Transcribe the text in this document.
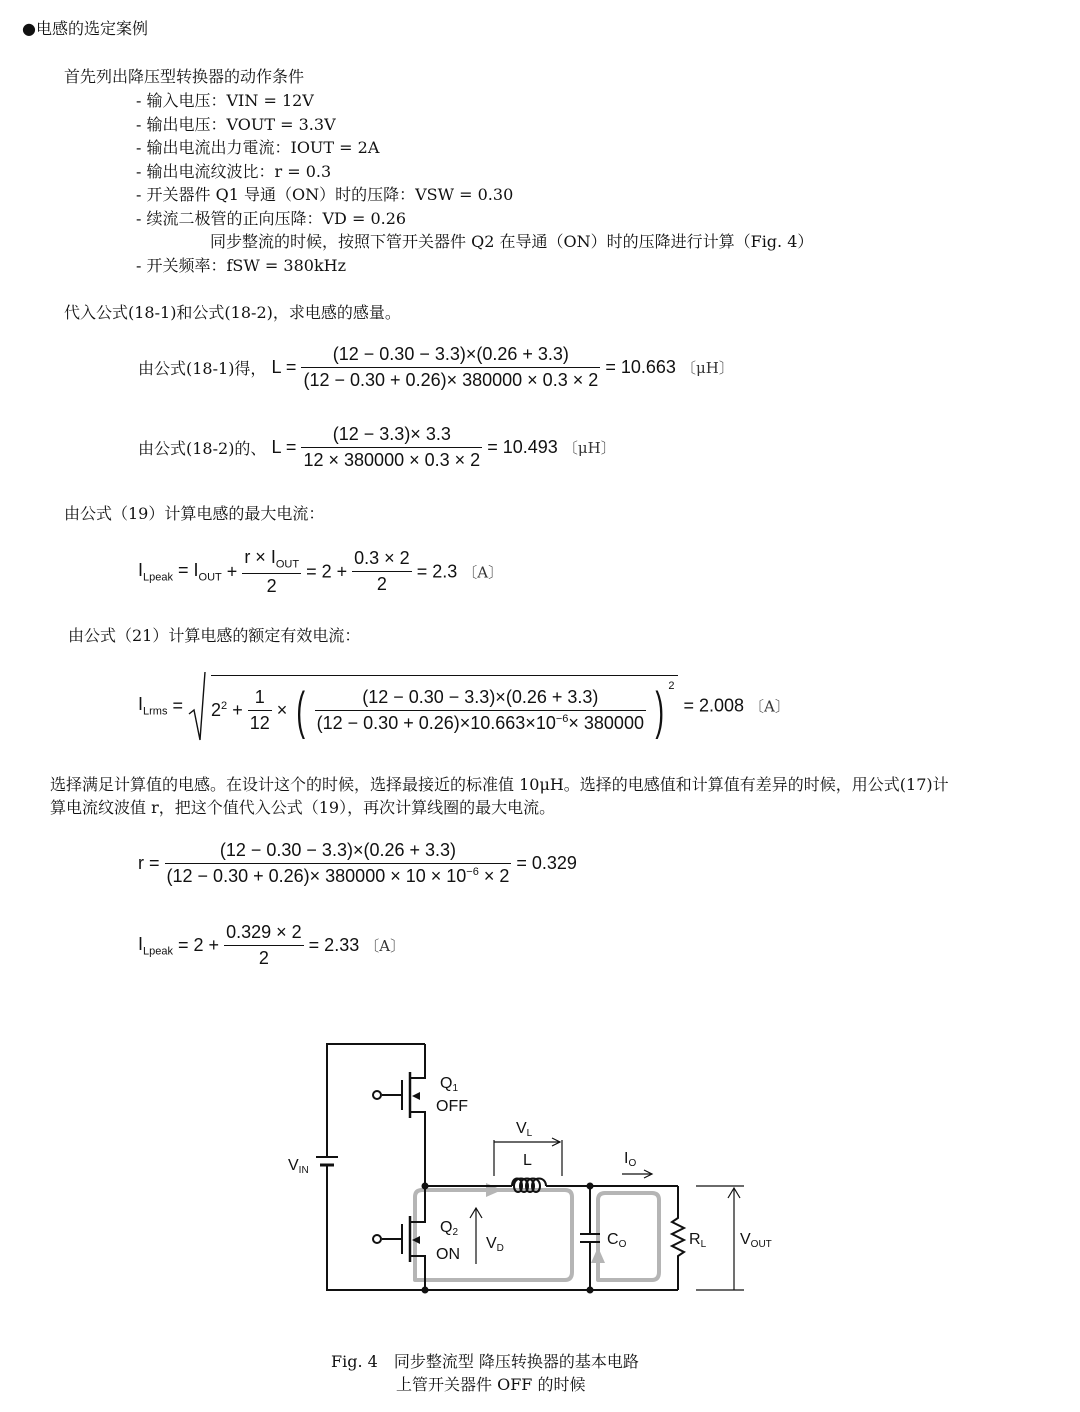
●电感的选定案例
首先列出降压型转换器的动作条件
- 输入电压：VIN = 12V
- 输出电压：VOUT = 3.3V
- 输出电流出力電流：IOUT = 2A
- 输出电流纹波比：r = 0.3
- 开关器件 Q1 导通（ON）时的压降：VSW = 0.30
- 续流二极管的正向压降：VD = 0.26
同步整流的时候，按照下管开关器件 Q2 在导通（ON）时的压降进行计算（Fig. 4）
- 开关频率：fSW = 380kHz
代入公式(18-1)和公式(18-2)，求电感的感量。
由公式(18-1)得， $L = \frac{(12 - 0.30 - 3.3)\times(0.26 + 3.3)}{(12 - 0.30 + 0.26)\times 380000 \times 0.3 \times 2} = 10.663$ 〔μH〕
由公式(18-2)的、 $L = \frac{(12 - 3.3)\times 3.3}{12 \times 380000 \times 0.3 \times 2} = 10.493$ 〔μH〕
由公式（19）计算电感的最大电流：
$I_{Lpeak} = I_{OUT} + \frac{r \times I_{OUT}}{2} = 2 + \frac{0.3 \times 2}{2} = 2.3$ 〔A〕
由公式（21）计算电感的额定有效电流：
$I_{Lrms} = 2^2 + \frac{1}{12}$ × ( $\frac{(12 - 0.30 - 3.3)\times(0.26 + 3.3)}{(12 - 0.30 + 0.26)\times 10.663\times 10^{-6}\times 380000}$ ) $^2$ = 2.008 〔A〕
选择满足计算值的电感。在设计这个的时候，选择最接近的标准值 10μH。选择的电感值和计算值有差异的时候，用公式(17)计
算电流纹波值 r，把这个值代入公式（19），再次计算线圈的最大电流。
$r = \frac{(12 - 0.30 - 3.3)\times(0.26 + 3.3)}{(12 - 0.30 + 0.26)\times 380000 \times 10 \times 10^{-6} \times 2} = 0.329$
$I_{Lpeak} = 2 + \frac{0.329 \times 2}{2} = 2.33$ 〔A〕
Q1
OFF
VIN
VL
L	IO
Q2
ON
VD
CO	RL VOUT
Fig. 4　同步整流型 降压转换器的基本电路
上管开关器件 OFF 的时候
